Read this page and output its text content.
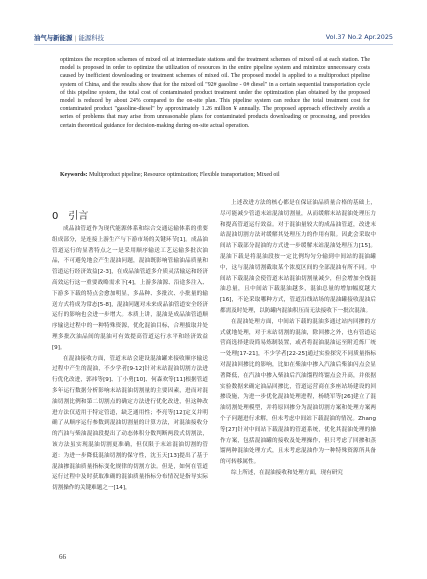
油气与新能源 | 能源科技	Vol.37 No.2 Apr.2025
optimizes the reception schemes of mixed oil at intermediate stations and the treatment schemes of mixed oil at each station. The model is proposed in order to optimize the utilization of resources in the entire pipeline system and minimize unnecessary costs caused by inefficient downloading or treatment schemes of mixed oil. The proposed model is applied to a multiproduct pipeline system of China, and the results show that for the mixed oil "92# gasoline - 0# diesel" in a certain sequential transportation cycle of this pipeline system, the total cost of contaminated product treatment under the optimization plan obtained by the proposed model is reduced by about 24% compared to the on-site plan. This pipeline system can reduce the total treatment cost for contaminated product "gasoline-diesel" by approximately 1.26 million ¥ annually. The proposed approach effectively avoids a series of problems that may arise from unreasonable plans for contaminated products downloading or processing, and provides certain theoretical guidance for decision-making during on-site actual operation.
Keywords: Multiproduct pipeline; Resource optimization; Flexible transportation; Mixed oil
0 引言

成品油管道作为现代能源体系和综合交通运输体系的重要组成部分，是连接上游生产与下游市场的关键环节[1]。成品油管道运行的显著特点之一是采用顺序输送工艺运输多批次油品，不可避免地会产生混油问题，混油既影响管输油品质量和管道运行经济效益[2-3]，在成品油管道多介质灵活输运和经济高效运行这一重要战略需求下[4]，上游多油源、沿途多注入、下游多下载的特点会愈加明显，多品种、多批次、小批量的输送方式将成为常态[5-8]，混油问题对未来成品油管道安全经济运行的影响也会进一步增大。本质上讲，混油是成品油管道顺序输送过程中的一种特殊资源，优化混油目标，合理拔取并处理多批次油品间的混油可有效提高管道运行水平和经济效益[9]。

在混油接收方面，管道末站会建设混油罐来接收顺序输送过程中产生的混油，不少学者[9-12]针对末站混油切割方法进行优化改进，郭祎等[9]、丁小勇[10]、何森欢等[11]根据管道多年运行数据分析影响末站混油切割量的主要因素，进而对混油切割比例和第二切割点的确定方法进行优化改进，但这种改进方法仅适用于特定管道，缺乏通用性；李亮等[12]定义并明确了从顺序运行参数到混油切割量的计算方法，对混油接收分的汽油与柴油混油段提出了动态体积分数判断两段式切割法，该方法虽实现混油切割更准确，但仅限于末站混油切割的管道：为进一步降低混油切割的保守性，沈玉天[13]提出了基于混油掺混油质量指标变化规律的切割方法。但是，如何在管道运行过程中及时获取准确的混油质量指标分布情况是指导实际切割操作的关键难题之一[14]，

上述改进方法的核心都是在保证油品质量合格的基础上，尽可能减少管道末站混油切割量，从而缓解末站混油处理压力和提高管道运行效益。对于混油量较大的成品油管道，改进末站混油切割方法对缓解其处理压力的作用有限。因此会采取中间站下载部分混油的方式进一步缓解末站混油处理压力[15]。混油下载是将混油段按一定比例均匀分输到中间站的混油罐中，这与混油切割截取某个浓度区间的全部混油有所不同。中间站下载混油会使管道末站混油切割量减少，但会增加全线混油总量，且中间站下载混油越多，混油总量的增加幅度越大[16]，不论采取哪种方式，管道沿线站场的混油罐接收混油后都需及时处理，以防罐内混油积压而无法接收下一批次混油。

在混油处理方面，中间站下载的混油多通过站内回掺的方式就地处理，对于末站切割的混油，除回掺之外，也有管道运营商选择建设简易炼制装置，或者将混油混油运至附近炼厂统一处理[17-21]，不少学者[22-25]通过实验探究不同质量指标对混油回掺比的影响，比如在柴油中掺入汽油后柴油闪点会显著降低，在汽油中掺入柴油后汽油馏程终馏点会升高，并依据实验数据来确定油品回掺比，管道运营商在多座站场建设的回掺设施，为进一步优化混油处理进程，杨晓军等[26]建立了混油切割处理模型，并将原回掺分为混油切割方案和处理方案两个子问题进行求解，但未考虑中间站下载混油的情况。Zhang等[27]针对中间站下载混油的管道系统，优化其混油处理的操作方案，包括混油罐的接收及处理操作，但只考虑了回掺和蒸馏两种混油处理方式，且未考虑混油作为一种特殊资源所具备的可转移属性。

综上所述，在混油接收和处理方面，现有研究

66
